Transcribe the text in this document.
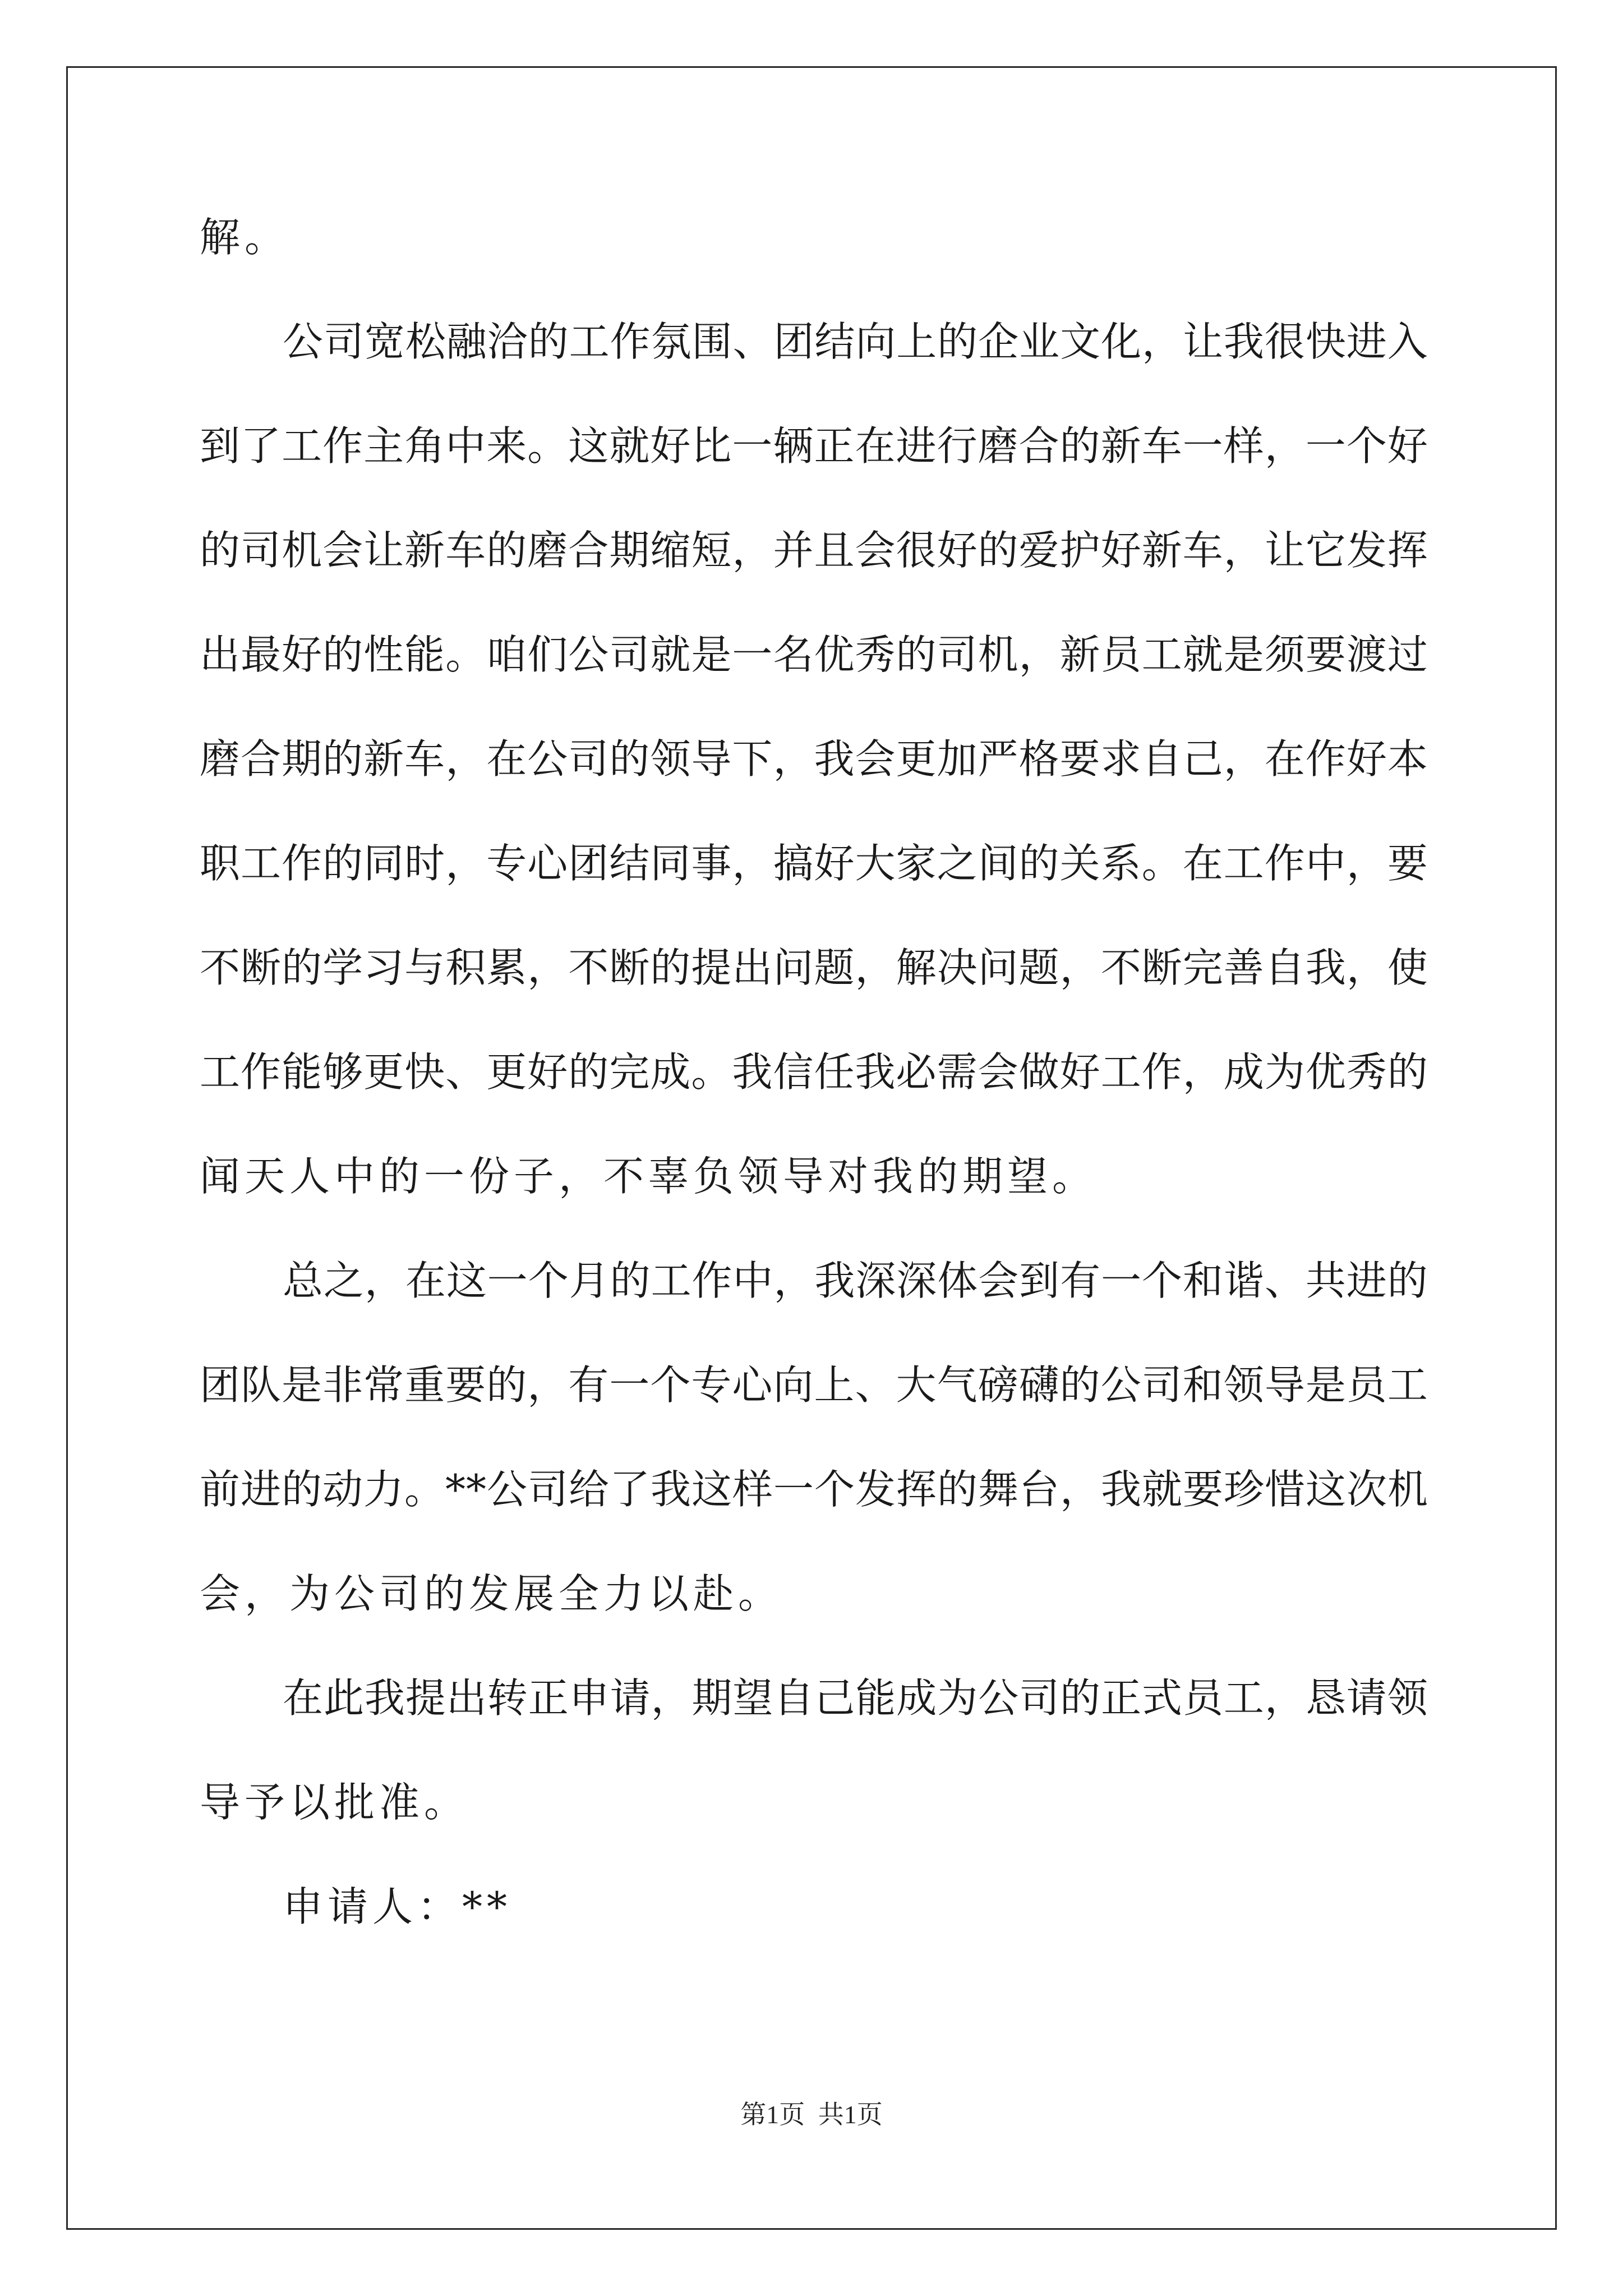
解。
公 司 宽 松 融 洽 的 工 作 氛 围 、 团 结 向 上 的 企 业 文 化 ， 让 我 很 快 进 入
到 了 工 作 主 角 中 来 。 这 就 好 比 一 辆 正 在 进 行 磨 合 的 新 车 一 样 ， 一 个 好
的 司 机 会 让 新 车 的 磨 合 期 缩 短 ， 并 且 会 很 好 的 爱 护 好 新 车 ， 让 它 发 挥
出 最 好 的 性 能 。 咱 们 公 司 就 是 一 名 优 秀 的 司 机 ， 新 员 工 就 是 须 要 渡 过
磨 合 期 的 新 车 ， 在 公 司 的 领 导 下 ， 我 会 更 加 严 格 要 求 自 己 ， 在 作 好 本
职 工 作 的 同 时 ， 专 心 团 结 同 事 ， 搞 好 大 家 之 间 的 关 系 。 在 工 作 中 ， 要
不 断 的 学 习 与 积 累 ， 不 断 的 提 出 问 题 ， 解 决 问 题 ， 不 断 完 善 自 我 ， 使
工 作 能 够 更 快 、 更 好 的 完 成 。 我 信 任 我 必 需 会 做 好 工 作 ， 成 为 优 秀 的
闻天人中的一份子，不辜负领导对我的期望。
总 之 ， 在 这 一 个 月 的 工 作 中 ， 我 深 深 体 会 到 有 一 个 和 谐 、 共 进 的
团 队 是 非 常 重 要 的 ， 有 一 个 专 心 向 上 、 大 气 磅 礴 的 公 司 和 领 导 是 员 工
前 进 的 动 力 。 * * 公 司 给 了 我 这 样 一 个 发 挥 的 舞 台 ， 我 就 要 珍 惜 这 次 机
会，为公司的发展全力以赴。
在 此 我 提 出 转 正 申 请 ， 期 望 自 己 能 成 为 公 司 的 正 式 员 工 ， 恳 请 领
导予以批准。
申请人：**
第1页 共1页
